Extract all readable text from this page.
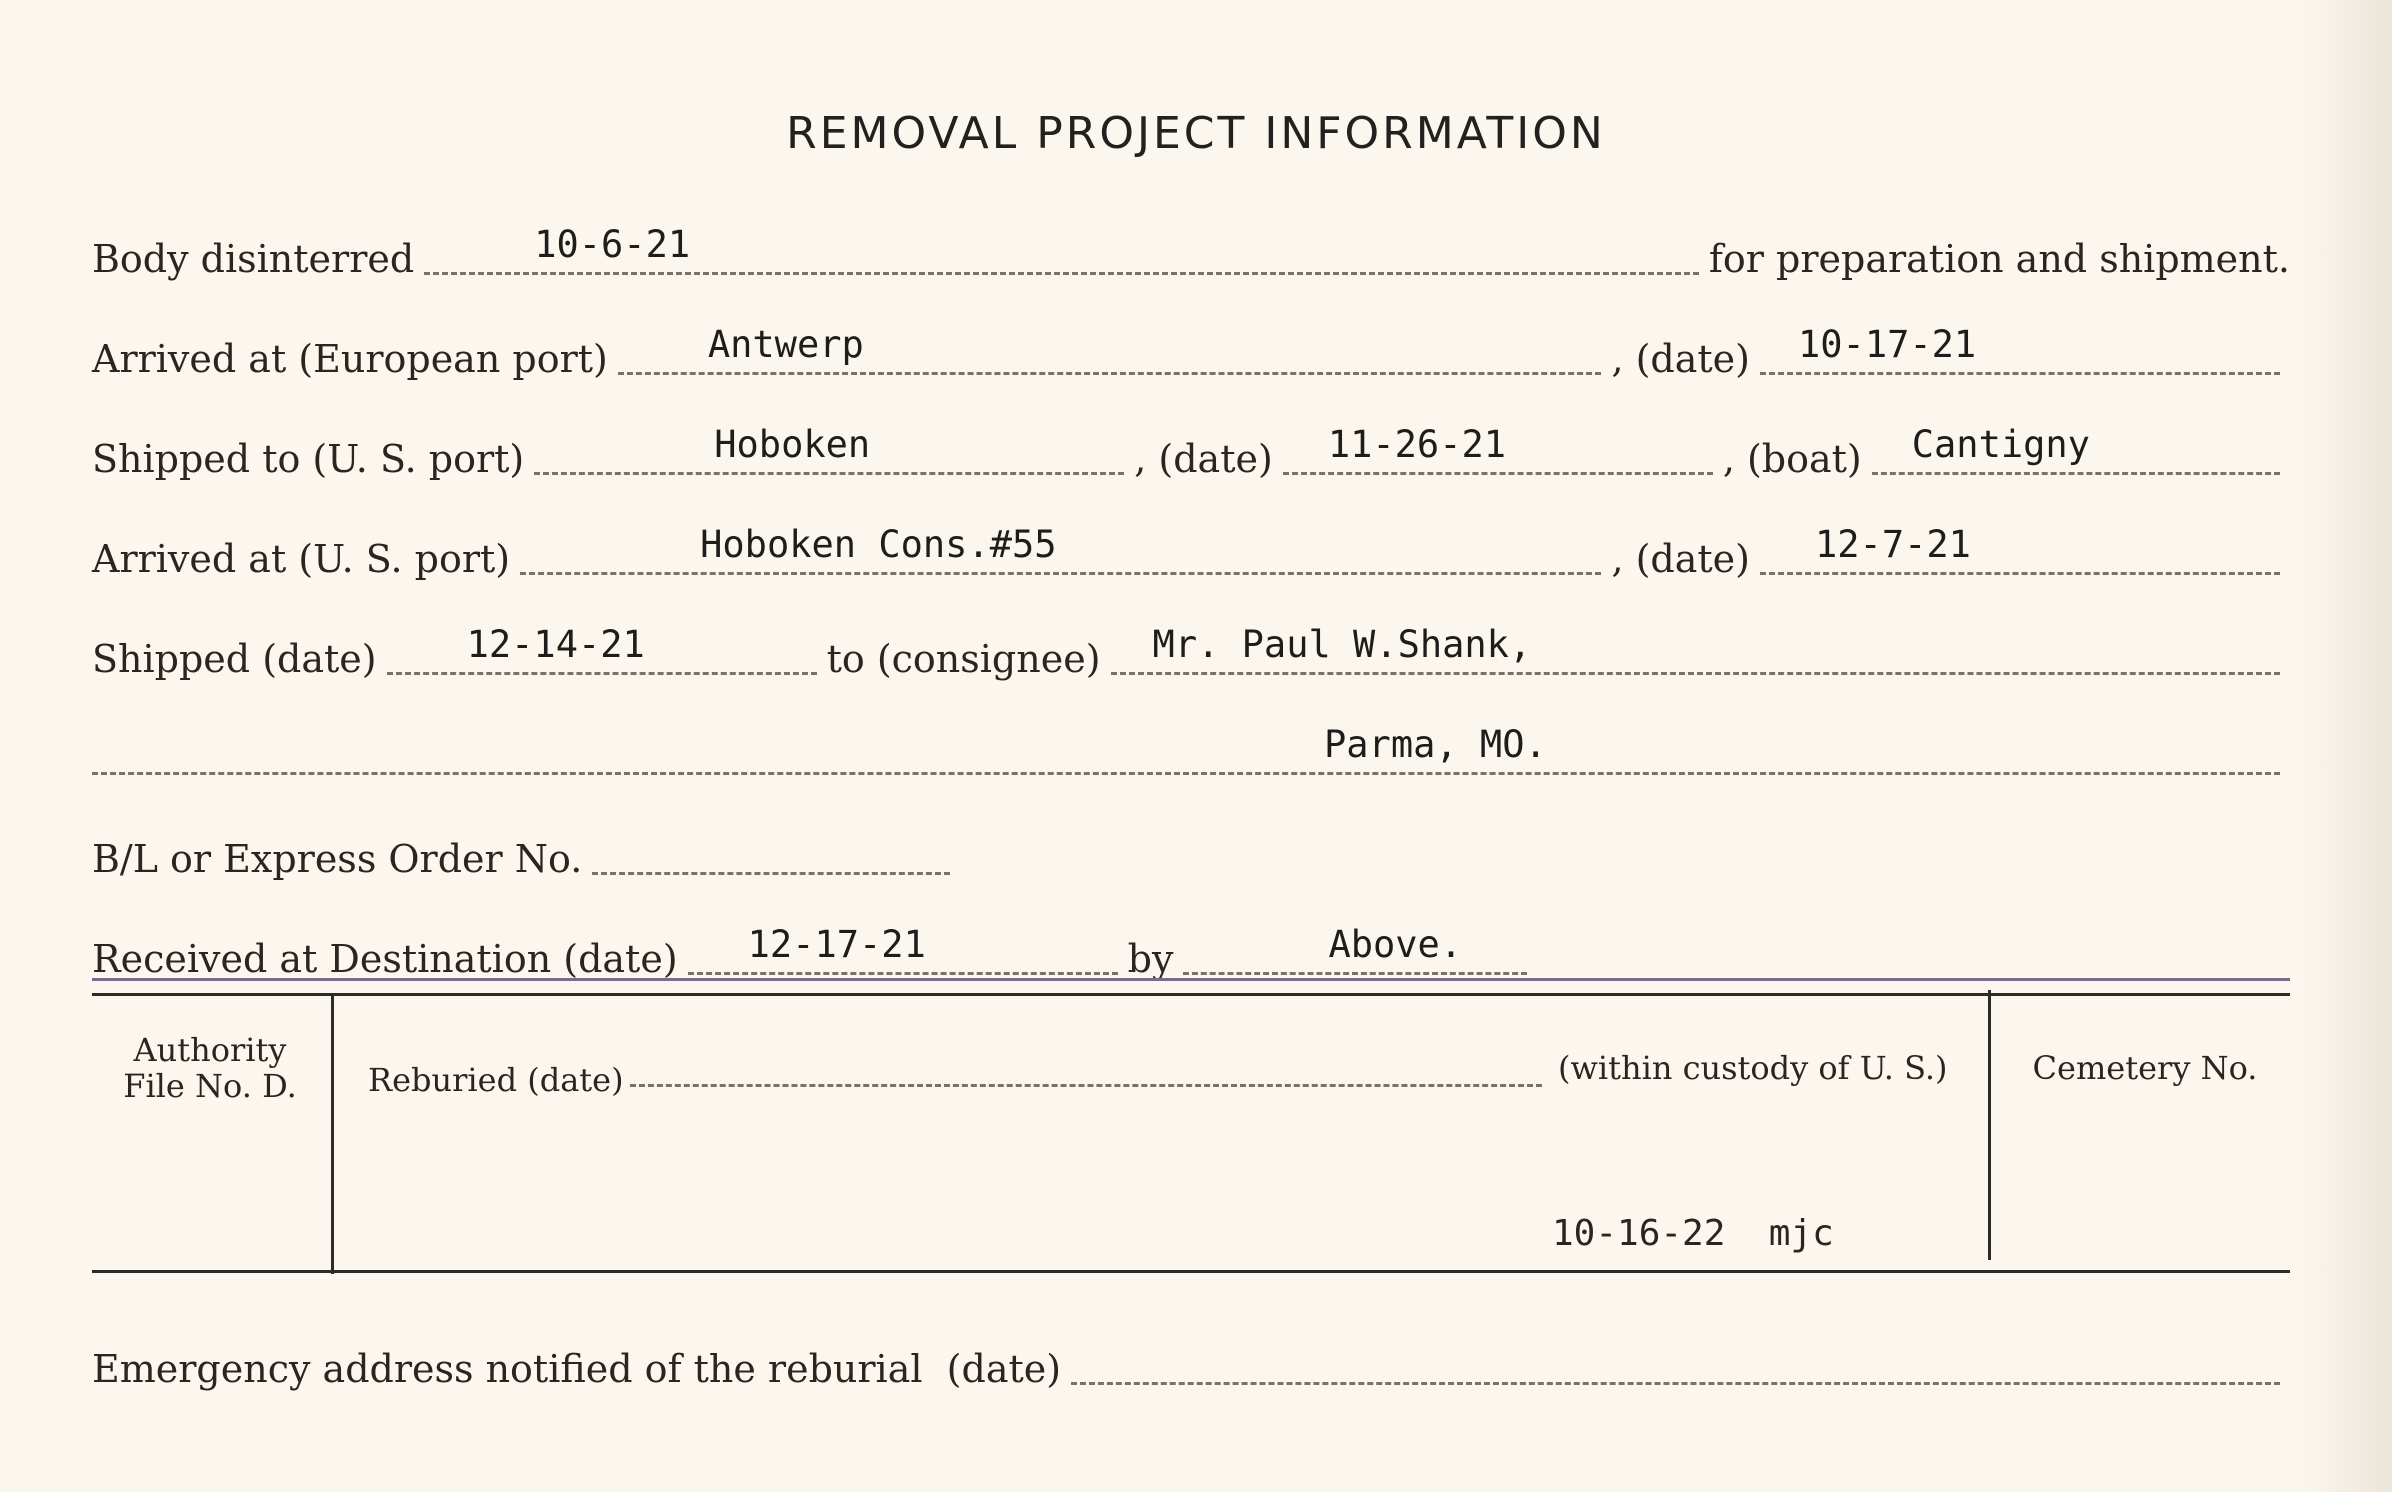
REMOVAL PROJECT INFORMATION
Body disinterred	10-6-21	for preparation and shipment.
Arrived at (European port)	Antwerp	, (date) 10-17-21
Shipped to (U. S. port)	Hoboken	, (date) 11-26-21	, (boat) Cantigny
Arrived at (U. S. port)	Hoboken Cons.#55	, (date) 12-7-21
Shipped (date) 12-14-21	to (consignee) Mr. Paul W.Shank,
Parma, MO.
B/L or Express Order No.
Received at Destination (date) 12-17-21	by	Above.
Authority
File No. D.	Reburied (date)	(within custody of U. S.)	Cemetery No.
10-16-22  mjc
Emergency address notified of the reburial  (date)
